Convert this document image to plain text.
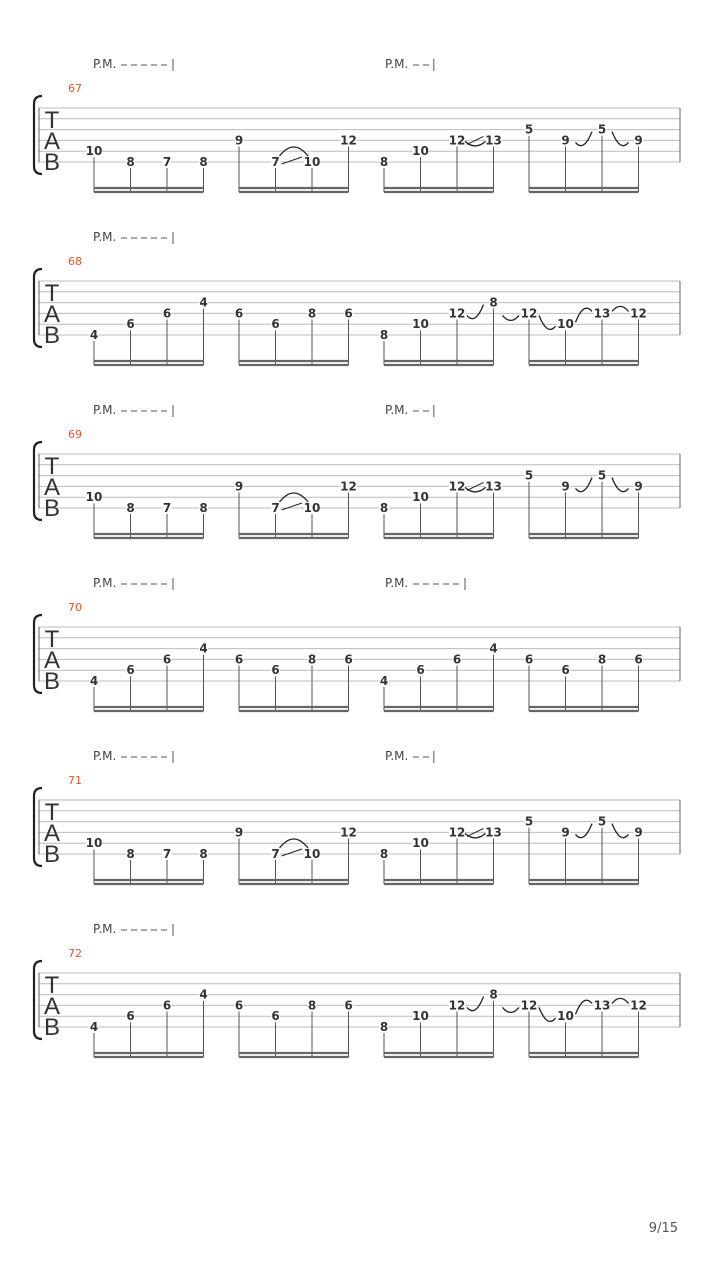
T
A
B
67
P.M.	P.M.
10
8 7 8
9
7 10
12
8
10
12 13
5
9
5
9
T
A
B
68
P.M.
4
6
6
4
6
6
8 6
8
10
12
8
12
10
13 12
T
A
B
69
P.M.	P.M.
10
8 7 8
9
7 10
12
8
10
12 13
5
9
5
9
T
A
B
70
P.M.	P.M.
4
6
6
4
6
6
8 6
4
6
6
4
6
6
8 6
T
A
B
71
P.M.	P.M.
10
8 7 8
9
7 10
12
8
10
12 13
5
9
5
9
T
A
B
72
P.M.
4
6
6
4
6
6
8 6
8
10
12
8
12
10
13 12
9/15
